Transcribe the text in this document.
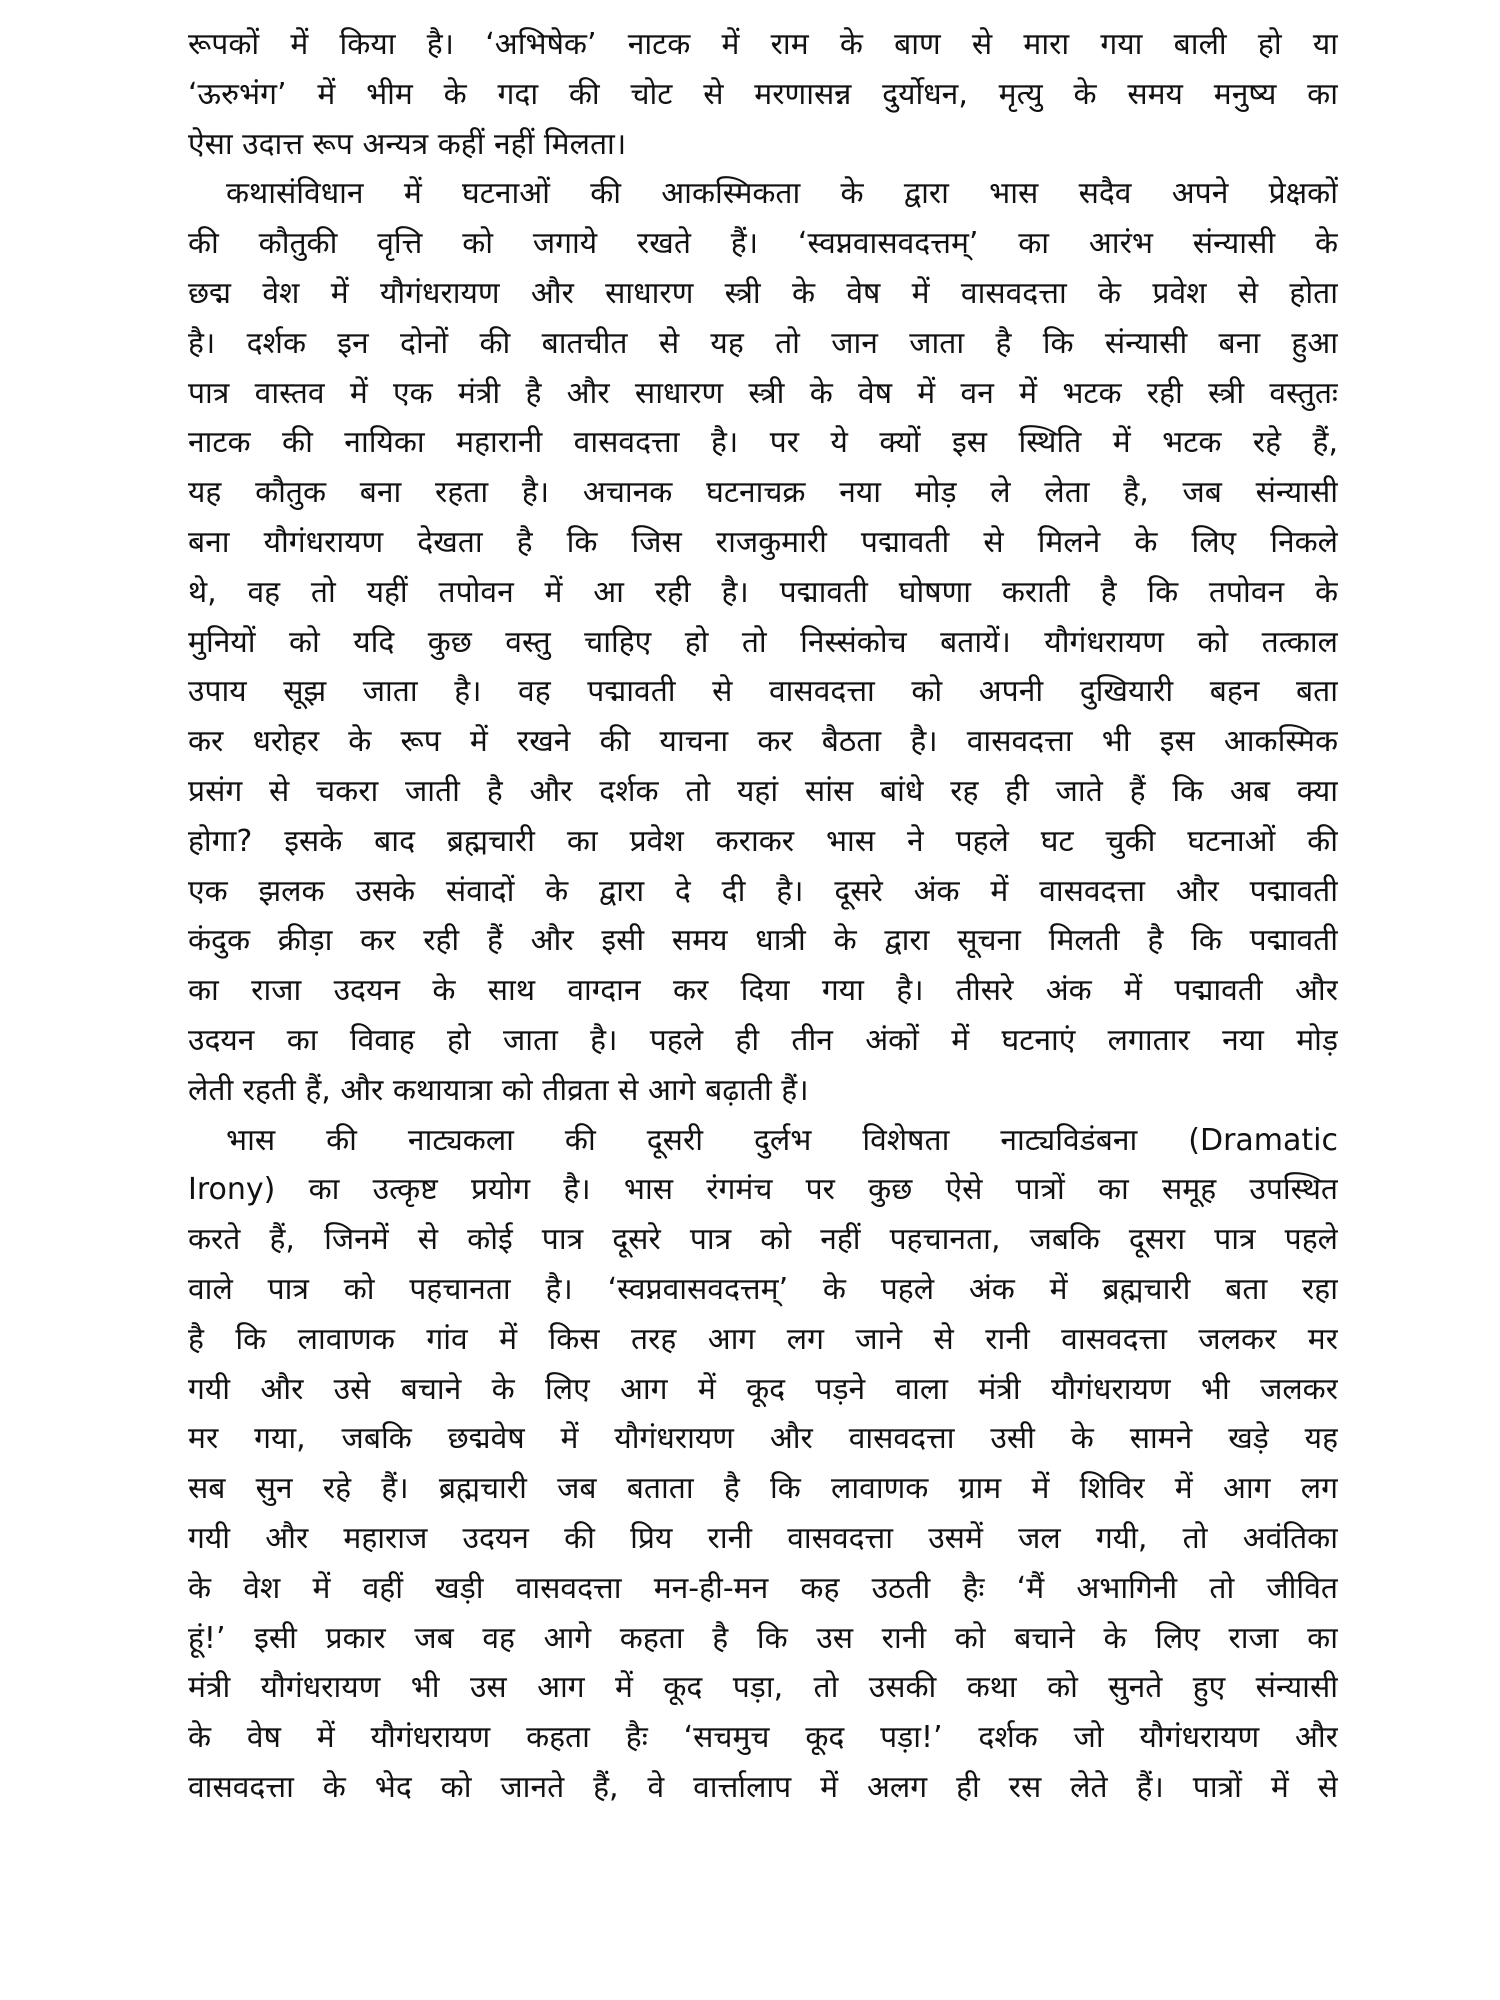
रूपकों में किया है। ‘अभिषेक’ नाटक में राम के बाण से मारा गया बाली हो या
‘ऊरुभंग’ में भीम के गदा की चोट से मरणासन्न दुर्योधन, मृत्यु के समय मनुष्य का
ऐसा उदात्त रूप अन्यत्र कहीं नहीं मिलता।
कथासंविधान में घटनाओं की आकस्मिकता के द्वारा भास सदैव अपने प्रेक्षकों
की कौतुकी वृत्ति को जगाये रखते हैं। ‘स्वप्नवासवदत्तम्’ का आरंभ संन्यासी के
छद्म वेश में यौगंधरायण और साधारण स्त्री के वेष में वासवदत्ता के प्रवेश से होता
है। दर्शक इन दोनों की बातचीत से यह तो जान जाता है कि संन्यासी बना हुआ
पात्र वास्तव में एक मंत्री है और साधारण स्त्री के वेष में वन में भटक रही स्त्री वस्तुतः
नाटक की नायिका महारानी वासवदत्ता है। पर ये क्यों इस स्थिति में भटक रहे हैं,
यह कौतुक बना रहता है। अचानक घटनाचक्र नया मोड़ ले लेता है, जब संन्यासी
बना यौगंधरायण देखता है कि जिस राजकुमारी पद्मावती से मिलने के लिए निकले
थे, वह तो यहीं तपोवन में आ रही है। पद्मावती घोषणा कराती है कि तपोवन के
मुनियों को यदि कुछ वस्तु चाहिए हो तो निस्संकोच बतायें। यौगंधरायण को तत्काल
उपाय सूझ जाता है। वह पद्मावती से वासवदत्ता को अपनी दुखियारी बहन बता
कर धरोहर के रूप में रखने की याचना कर बैठता है। वासवदत्ता भी इस आकस्मिक
प्रसंग से चकरा जाती है और दर्शक तो यहां सांस बांधे रह ही जाते हैं कि अब क्या
होगा? इसके बाद ब्रह्मचारी का प्रवेश कराकर भास ने पहले घट चुकी घटनाओं की
एक झलक उसके संवादों के द्वारा दे दी है। दूसरे अंक में वासवदत्ता और पद्मावती
कंदुक क्रीड़ा कर रही हैं और इसी समय धात्री के द्वारा सूचना मिलती है कि पद्मावती
का राजा उदयन के साथ वाग्दान कर दिया गया है। तीसरे अंक में पद्मावती और
उदयन का विवाह हो जाता है। पहले ही तीन अंकों में घटनाएं लगातार नया मोड़
लेती रहती हैं, और कथायात्रा को तीव्रता से आगे बढ़ाती हैं।
भास की नाट्यकला की दूसरी दुर्लभ विशेषता नाट्यविडंबना (Dramatic
Irony) का उत्कृष्ट प्रयोग है। भास रंगमंच पर कुछ ऐसे पात्रों का समूह उपस्थित
करते हैं, जिनमें से कोई पात्र दूसरे पात्र को नहीं पहचानता, जबकि दूसरा पात्र पहले
वाले पात्र को पहचानता है। ‘स्वप्नवासवदत्तम्’ के पहले अंक में ब्रह्मचारी बता रहा
है कि लावाणक गांव में किस तरह आग लग जाने से रानी वासवदत्ता जलकर मर
गयी और उसे बचाने के लिए आग में कूद पड़ने वाला मंत्री यौगंधरायण भी जलकर
मर गया, जबकि छद्मवेष में यौगंधरायण और वासवदत्ता उसी के सामने खड़े यह
सब सुन रहे हैं। ब्रह्मचारी जब बताता है कि लावाणक ग्राम में शिविर में आग लग
गयी और महाराज उदयन की प्रिय रानी वासवदत्ता उसमें जल गयी, तो अवंतिका
के वेश में वहीं खड़ी वासवदत्ता मन-ही-मन कह उठती हैः ‘मैं अभागिनी तो जीवित
हूं!’ इसी प्रकार जब वह आगे कहता है कि उस रानी को बचाने के लिए राजा का
मंत्री यौगंधरायण भी उस आग में कूद पड़ा, तो उसकी कथा को सुनते हुए संन्यासी
के वेष में यौगंधरायण कहता हैः ‘सचमुच कूद पड़ा!’ दर्शक जो यौगंधरायण और
वासवदत्ता के भेद को जानते हैं, वे वार्त्तालाप में अलग ही रस लेते हैं। पात्रों में से
